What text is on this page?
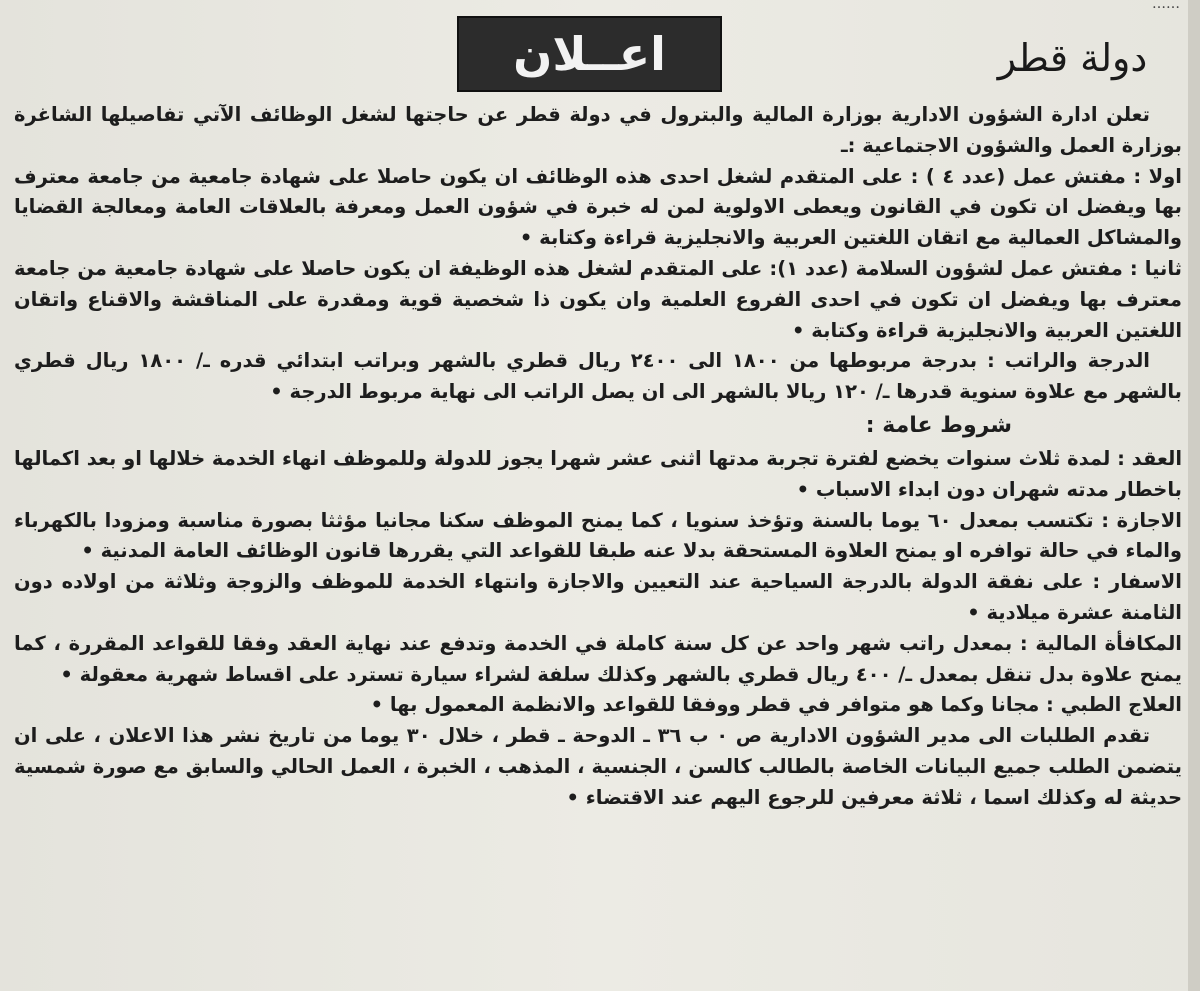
……
اعــلان	دولة قطر

تعلن ادارة الشؤون الادارية بوزارة المالية والبترول في دولة قطر عن حاجتها لشغل الوظائف الآتي تفاصيلها الشاغرة بوزارة العمل والشؤون الاجتماعية :ـ

اولا : مفتش عمل (عدد ٤ ) : على المتقدم لشغل احدى هذه الوظائف ان يكون حاصلا على شهادة جامعية من جامعة معترف بها ويفضل ان تكون في القانون ويعطى الاولوية لمن له خبرة في شؤون العمل ومعرفة بالعلاقات العامة ومعالجة القضايا والمشاكل العمالية مع اتقان اللغتين العربية والانجليزية قراءة وكتابة •

ثانيا : مفتش عمل لشؤون السلامة (عدد ١): على المتقدم لشغل هذه الوظيفة ان يكون حاصلا على شهادة جامعية من جامعة معترف بها ويفضل ان تكون في احدى الفروع العلمية وان يكون ذا شخصية قوية ومقدرة على المناقشة والاقناع واتقان اللغتين العربية والانجليزية قراءة وكتابة •

الدرجة والراتب : بدرجة مربوطها من ١٨٠٠ الى ٢٤٠٠ ريال قطري بالشهر وبراتب ابتدائي قدره ـ/ ١٨٠٠ ريال قطري بالشهر مع علاوة سنوية قدرها ـ/ ١٢٠ ريالا بالشهر الى ان يصل الراتب الى نهاية مربوط الدرجة •

شروط عامة :

العقد : لمدة ثلاث سنوات يخضع لفترة تجربة مدتها اثنى عشر شهرا يجوز للدولة وللموظف انهاء الخدمة خلالها او بعد اكمالها باخطار مدته شهران دون ابداء الاسباب •

الاجازة : تكتسب بمعدل ٦٠ يوما بالسنة وتؤخذ سنويا ، كما يمنح الموظف سكنا مجانيا مؤثثا بصورة مناسبة ومزودا بالكهرباء والماء في حالة توافره او يمنح العلاوة المستحقة بدلا عنه طبقا للقواعد التي يقررها قانون الوظائف العامة المدنية •

الاسفار : على نفقة الدولة بالدرجة السياحية عند التعيين والاجازة وانتهاء الخدمة للموظف والزوجة وثلاثة من اولاده دون الثامنة عشرة ميلادية •

المكافأة المالية : بمعدل راتب شهر واحد عن كل سنة كاملة في الخدمة وتدفع عند نهاية العقد وفقا للقواعد المقررة ، كما يمنح علاوة بدل تنقل بمعدل ـ/ ٤٠٠ ريال قطري بالشهر وكذلك سلفة لشراء سيارة تسترد على اقساط شهرية معقولة •

العلاج الطبي : مجانا وكما هو متوافر في قطر ووفقا للقواعد والانظمة المعمول بها •

تقدم الطلبات الى مدير الشؤون الادارية ص ٠ ب ٣٦ ـ الدوحة ـ قطر ، خلال ٣٠ يوما من تاريخ نشر هذا الاعلان ، على ان يتضمن الطلب جميع البيانات الخاصة بالطالب كالسن ، الجنسية ، المذهب ، الخبرة ، العمل الحالي والسابق مع صورة شمسية حديثة له وكذلك اسما ، ثلاثة معرفين للرجوع اليهم عند الاقتضاء •
